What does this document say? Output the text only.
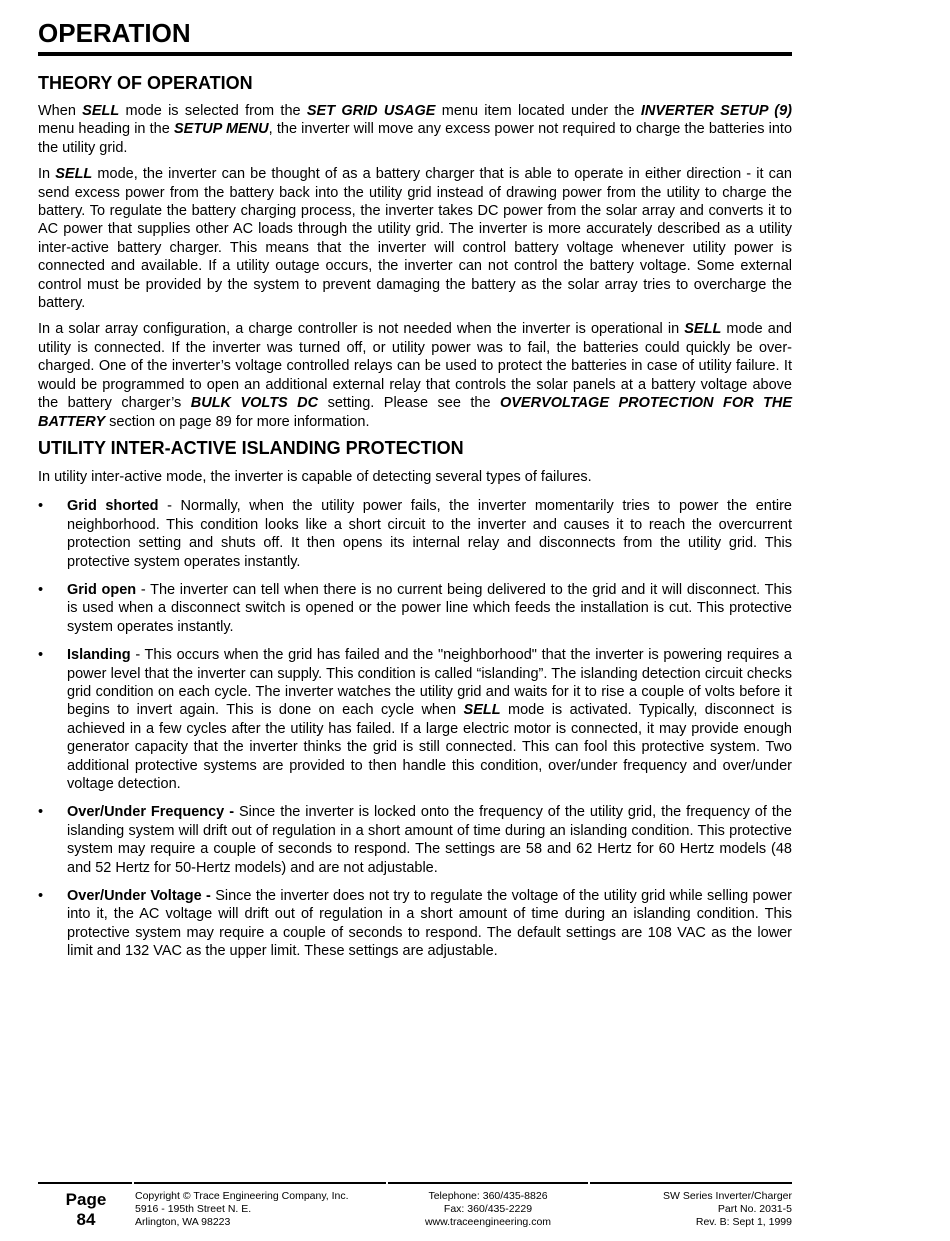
OPERATION
THEORY OF OPERATION

When SELL mode is selected from the SET GRID USAGE menu item located under the INVERTER SETUP (9) menu heading in the SETUP MENU, the inverter will move any excess power not required to charge the batteries into the utility grid.

In SELL mode, the inverter can be thought of as a battery charger that is able to operate in either direction - it can send excess power from the battery back into the utility grid instead of drawing power from the utility to charge the battery. To regulate the battery charging process, the inverter takes DC power from the solar array and converts it to AC power that supplies other AC loads through the utility grid. The inverter is more accurately described as a utility inter-active battery charger. This means that the inverter will control battery voltage whenever utility power is connected and available. If a utility outage occurs, the inverter can not control the battery voltage. Some external control must be provided by the system to prevent damaging the battery as the solar array tries to overcharge the battery.

In a solar array configuration, a charge controller is not needed when the inverter is operational in SELL mode and utility is connected. If the inverter was turned off, or utility power was to fail, the batteries could quickly be over-charged. One of the inverter’s voltage controlled relays can be used to protect the batteries in case of utility failure. It would be programmed to open an additional external relay that controls the solar panels at a battery voltage above the battery charger’s BULK VOLTS DC setting. Please see the OVERVOLTAGE PROTECTION FOR THE BATTERY section on page 89 for more information.

UTILITY INTER-ACTIVE ISLANDING PROTECTION

In utility inter-active mode, the inverter is capable of detecting several types of failures.

•	Grid shorted - Normally, when the utility power fails, the inverter momentarily tries to power the entire neighborhood. This condition looks like a short circuit to the inverter and causes it to reach the overcurrent protection setting and shuts off. It then opens its internal relay and disconnects from the utility grid. This protective system operates instantly.
•	Grid open - The inverter can tell when there is no current being delivered to the grid and it will disconnect. This is used when a disconnect switch is opened or the power line which feeds the installation is cut. This protective system operates instantly.
•	Islanding - This occurs when the grid has failed and the "neighborhood" that the inverter is powering requires a power level that the inverter can supply. This condition is called “islanding”. The islanding detection circuit checks grid condition on each cycle. The inverter watches the utility grid and waits for it to rise a couple of volts before it begins to invert again. This is done on each cycle when SELL mode is activated. Typically, disconnect is achieved in a few cycles after the utility has failed. If a large electric motor is connected, it may provide enough generator capacity that the inverter thinks the grid is still connected. This can fool this protective system. Two additional protective systems are provided to then handle this condition, over/under frequency and over/under voltage detection.
•	Over/Under Frequency - Since the inverter is locked onto the frequency of the utility grid, the frequency of the islanding system will drift out of regulation in a short amount of time during an islanding condition. This protective system may require a couple of seconds to respond. The settings are 58 and 62 Hertz for 60 Hertz models (48 and 52 Hertz for 50-Hertz models) and are not adjustable.
•	Over/Under Voltage - Since the inverter does not try to regulate the voltage of the utility grid while selling power into it, the AC voltage will drift out of regulation in a short amount of time during an islanding condition. This protective system may require a couple of seconds to respond. The default settings are 108 VAC as the lower limit and 132 VAC as the upper limit. These settings are adjustable.
Page
84
Copyright © Trace Engineering Company, Inc.
5916 - 195th Street N. E.
Arlington, WA 98223
Telephone: 360/435-8826
Fax: 360/435-2229
www.traceengineering.com
SW Series Inverter/Charger
Part No. 2031-5
Rev. B: Sept 1, 1999
